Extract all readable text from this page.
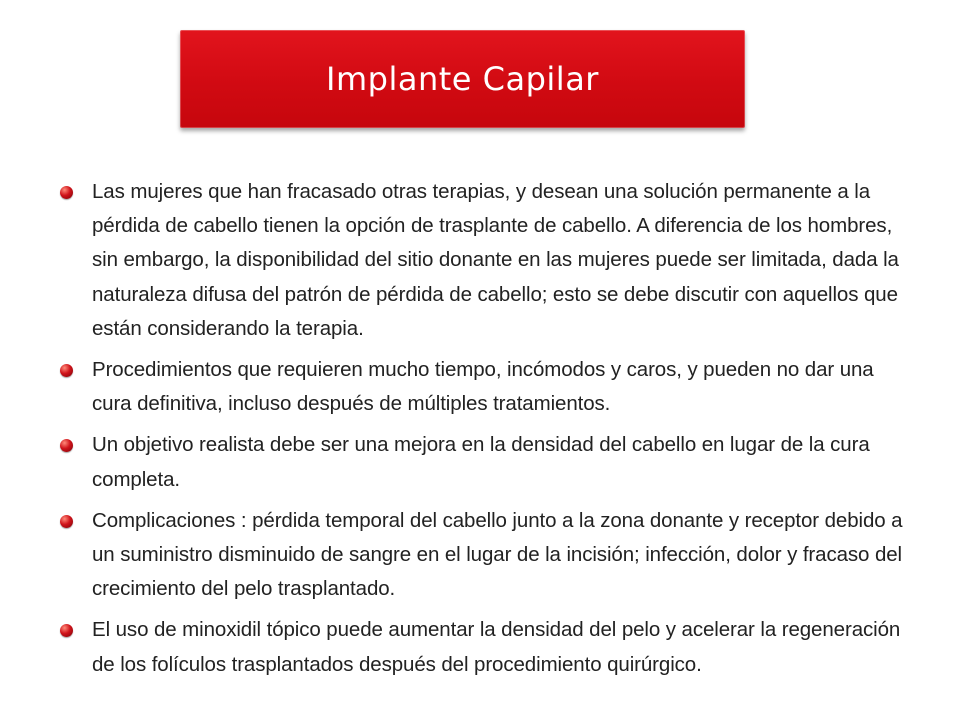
Implante Capilar
Las mujeres que han fracasado otras terapias, y desean una solución permanente a la pérdida de cabello tienen la opción de trasplante de cabello. A diferencia de los hombres, sin embargo, la disponibilidad del sitio donante en las mujeres puede ser limitada, dada la naturaleza difusa del patrón de pérdida de cabello; esto se debe discutir con aquellos que están considerando la terapia.
Procedimientos que requieren mucho tiempo, incómodos y caros, y pueden no dar una cura definitiva, incluso después de múltiples tratamientos.
Un objetivo realista debe ser una mejora en la densidad del cabello en lugar de la cura completa.
Complicaciones : pérdida temporal del cabello junto a la zona donante y receptor debido a un suministro disminuido de sangre en el lugar de la incisión; infección, dolor y fracaso del crecimiento del pelo trasplantado.
El uso de minoxidil tópico puede aumentar la densidad del pelo y acelerar la regeneración de los folículos trasplantados después del procedimiento quirúrgico.
